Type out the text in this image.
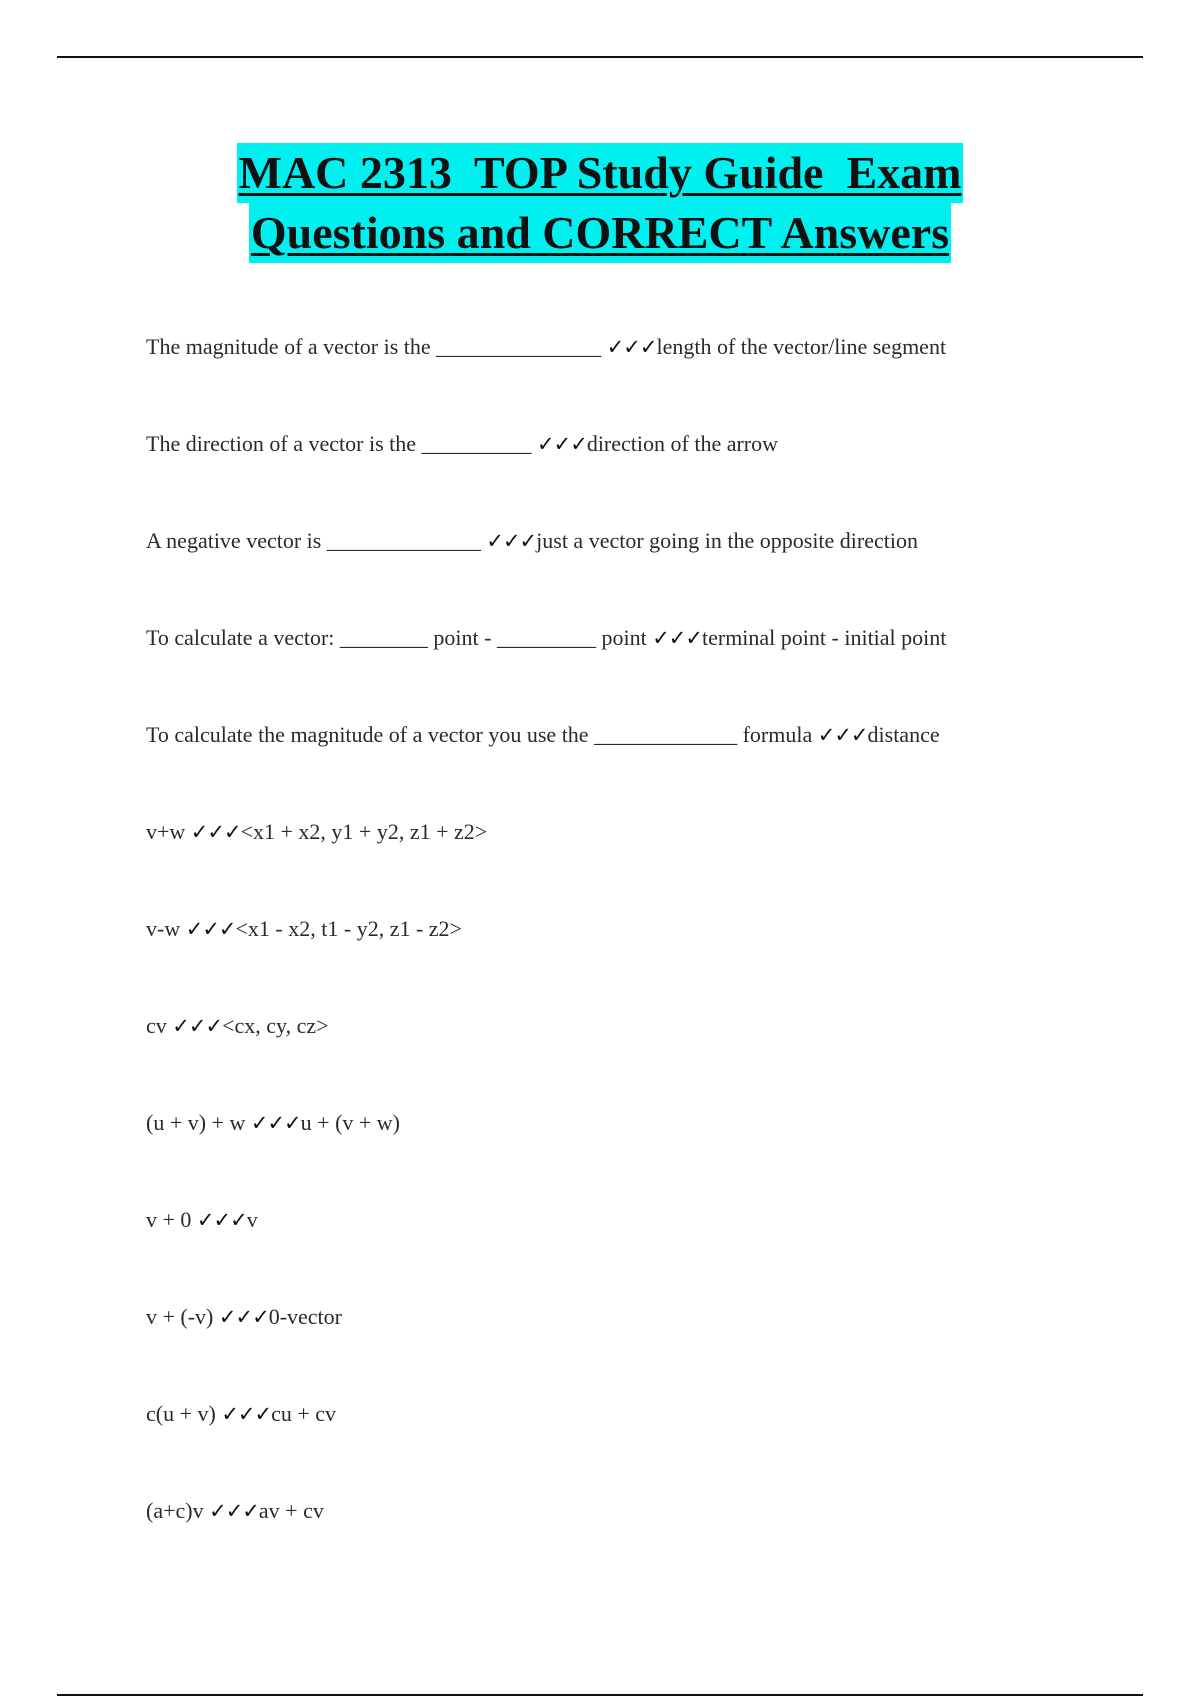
MAC 2313  TOP Study Guide  Exam
Questions and CORRECT Answers

The magnitude of a vector is the _______________ ✓✓✓length of the vector/line segment

The direction of a vector is the __________ ✓✓✓direction of the arrow

A negative vector is ______________ ✓✓✓just a vector going in the opposite direction

To calculate a vector: ________ point - _________ point ✓✓✓terminal point - initial point

To calculate the magnitude of a vector you use the _____________ formula ✓✓✓distance

v+w ✓✓✓<x1 + x2, y1 + y2, z1 + z2>

v-w ✓✓✓<x1 - x2, t1 - y2, z1 - z2>

cv ✓✓✓<cx, cy, cz>

(u + v) + w ✓✓✓u + (v + w)

v + 0 ✓✓✓v

v + (-v) ✓✓✓0-vector

c(u + v) ✓✓✓cu + cv

(a+c)v ✓✓✓av + cv
